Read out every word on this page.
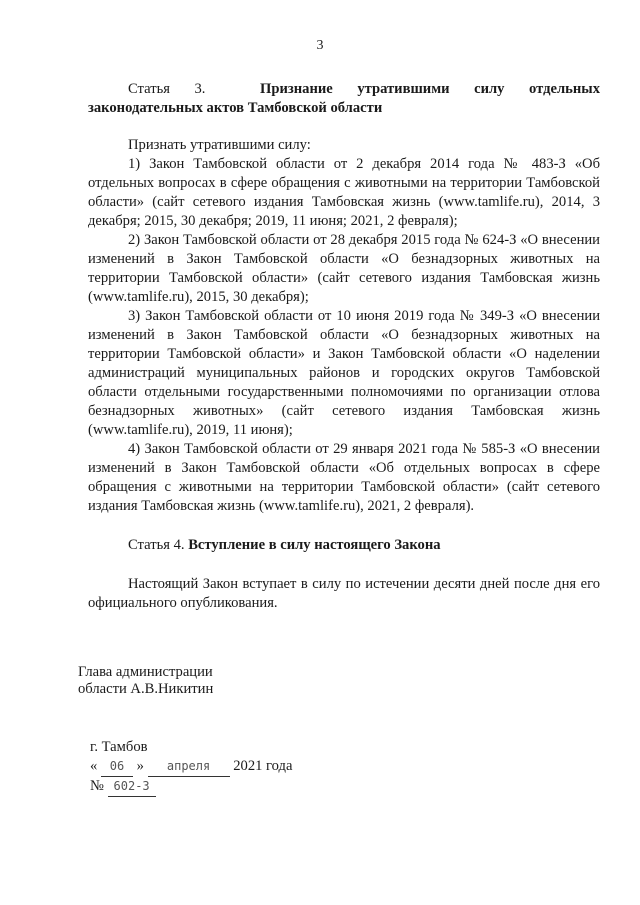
3

Статья 3.	Признание утратившими силу отдельных

законодательных актов Тамбовской области

Признать утратившими силу:

1) Закон Тамбовской области от 2 декабря 2014 года № 483-З «Об отдельных вопросах в сфере обращения с животными на территории Тамбовской области» (сайт сетевого издания Тамбовская жизнь (www.tamlife.ru), 2014, 3 декабря; 2015, 30 декабря; 2019, 11 июня; 2021, 2 февраля);

2) Закон Тамбовской области от 28 декабря 2015 года № 624-З «О внесении изменений в Закон Тамбовской области «О безнадзорных животных на территории Тамбовской области» (сайт сетевого издания Тамбовская жизнь (www.tamlife.ru), 2015, 30 декабря);

3) Закон Тамбовской области от 10 июня 2019 года № 349-З «О внесении изменений в Закон Тамбовской области «О безнадзорных животных на территории Тамбовской области» и Закон Тамбовской области «О наделении администраций муниципальных районов и городских округов Тамбовской области отдельными государственными полномочиями по организации отлова безнадзорных животных» (сайт сетевого издания Тамбовская жизнь (www.tamlife.ru), 2019, 11 июня);

4) Закон Тамбовской области от 29 января 2021 года № 585-З «О внесении изменений в Закон Тамбовской области «Об отдельных вопросах в сфере обращения с животными на территории Тамбовской области» (сайт сетевого издания Тамбовская жизнь (www.tamlife.ru), 2021, 2 февраля).

Статья 4. Вступление в силу настоящего Закона

Настоящий Закон вступает в силу по истечении десяти дней после дня его официального опубликования.

Глава администрации
области А.В.Никитин
г. Тамбов
« 06 » апреля 2021 года
№ 602-З
